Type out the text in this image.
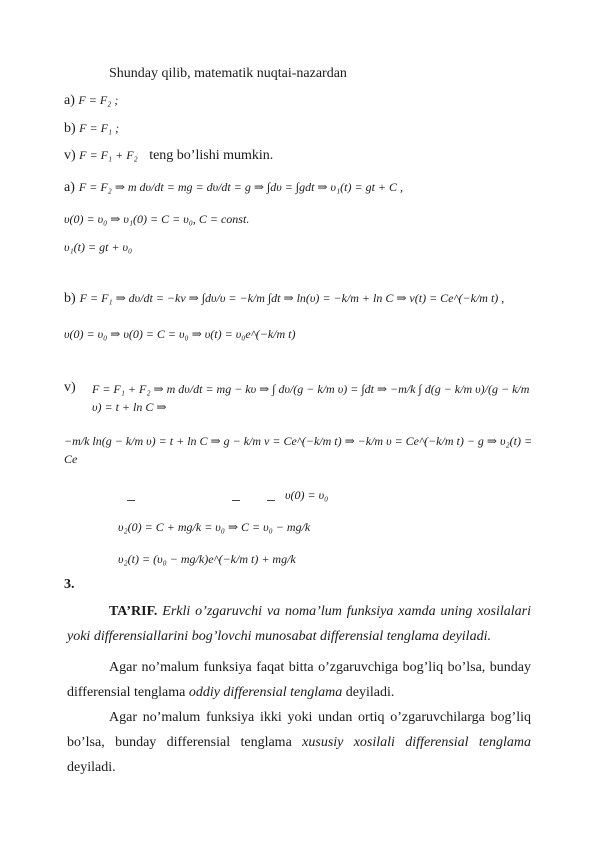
Shunday qilib, matematik nuqtai-nazardan
a) F = F₂ ;
b) F = F₁ ;
v) F = F₁ + F₂ teng bo’lishi mumkin.
a) F = F₂ ⇒ m dυ/dt = mg = dυ/dt = g ⇒ ∫dυ = ∫gdt ⇒ υ₁(t) = gt + C ,
υ(0) = υ₀ ⇒ υ₁(0) = C = υ₀, C = const.
υ₁(t) = gt + υ₀
b) F = F₁ ⇒ dυ/dt = −kv ⇒ ∫dυ/υ = −k/m ∫dt ⇒ ln(υ) = −k/m + ln C ⇒ v(t) = Ce^(−k/m t) ,
υ(0) = υ₀ ⇒ υ(0) = C = υ₀ ⇒ υ(t) = υ₀e^(−k/m t)
v) F = F₁ + F₂ ⇒ m dυ/dt = mg − kυ ⇒ ∫ dυ/(g − k/m υ) = ∫dt ⇒ −m/k ∫ d(g − k/m υ)/(g − k/m υ) = t + ln C ⇒
−m/k ln(g − k/m υ) = t + ln C ⇒ g − k/m v = Ce^(−k/m t) ⇒ −k/m υ = Ce^(−k/m t) − g ⇒ υ₂(t) = Ce
υ(0) = υ₀
υ₂(0) = C + mg/k = υ₀ ⇒ C = υ₀ − mg/k
υ₂(t) = (υ₀ − mg/k)e^(−k/m t) + mg/k
3.
TA’RIF. Erkli o’zgaruvchi va noma’lum funksiya xamda uning xosilalari yoki differensiallarini bog’lovchi munosabat differensial tenglama deyiladi.
Agar no’malum funksiya faqat bitta o’zgaruvchiga bog’liq bo’lsa, bunday differensial tenglama oddiy differensial tenglama deyiladi.
Agar no’malum funksiya ikki yoki undan ortiq o’zgaruvchilarga bog’liq bo’lsa, bunday differensial tenglama xususiy xosilali differensial tenglama deyiladi.
